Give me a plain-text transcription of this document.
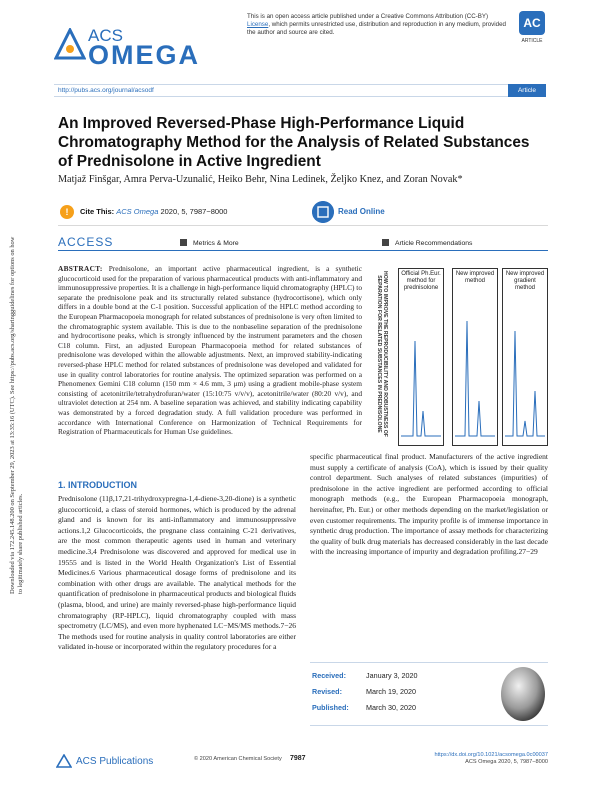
Downloaded via 172.245.148.200 on September 29, 2023 at 13:35:16 (UTC). See https://pubs.acs.org/sharingguidelines for options on how to legitimately share published articles.
ACS
OMEGA
This is an open access article published under a Creative Commons Attribution (CC-BY) License, which permits unrestricted use, distribution and reproduction in any medium, provided the author and source are cited.
AC
ARTICLE
http://pubs.acs.org/journal/acsodf	Article
An Improved Reversed-Phase High-Performance Liquid Chromatography Method for the Analysis of Related Substances of Prednisolone in Active Ingredient
Matjaž Finšgar, Amra Perva-Uzunalić, Heiko Behr, Nina Ledinek, Željko Knez, and Zoran Novak*
!	Cite This: ACS Omega 2020, 5, 7987−8000	Read Online
ACCESS	Metrics & More	Article Recommendations
HOW TO IMPROVE THE REPRODUCIBILITY AND ROBUSTNESS OF SEPARATION FOR RELATED SUBSTANCES IN PREDNISOLONE
Official Ph.Eur. method for prednisolone
New improved method
New improved gradient method
ABSTRACT: Prednisolone, an important active pharmaceutical ingredient, is a synthetic glucocorticoid used for the preparation of various pharmaceutical products with anti-inflammatory and immunosuppressive properties. It is a challenge in high-performance liquid chromatography (HPLC) to separate the prednisolone peak and its structurally related substance (hydrocortisone), which only differs in a double bond at the C-1 position. Successful application of the HPLC method according to the European Pharmacopoeia monograph for related substances of prednisolone is very often limited to the chromatographic system available. This is due to the nonbaseline separation of the prednisolone and hydrocortisone peaks, which is strongly influenced by the instrument parameters and the chosen C18 column. First, an adjusted European Pharmacopoeia method for related substances of prednisolone was developed within the allowable adjustments. Next, an improved stability-indicating reversed-phase HPLC method for related substances of prednisolone was developed and validated for use in quality control laboratories for routine analysis. The optimized separation was performed on a Phenomenex Gemini C18 column (150 mm × 4.6 mm, 3 μm) using a gradient mobile-phase system consisting of acetonitrile/tetrahydrofuran/water (15:10:75 v/v/v), acetonitrile/water (80:20 v/v), and ultraviolet detection at 254 nm. A baseline separation was achieved, and stability indicating capability was demonstrated by a forced degradation study. A full validation procedure was performed in accordance with International Conference on Harmonization of Technical Requirements for Registration of Pharmaceuticals for Human Use guidelines.
1. INTRODUCTION
Prednisolone (11β,17,21-trihydroxypregna-1,4-diene-3,20-dione) is a synthetic glucocorticoid, a class of steroid hormones, which is produced by the adrenal gland and is known for its anti-inflammatory and immunosuppressive actions.1,2 Glucocorticoids, the pregnane class containing C-21 derivatives, are the most common therapeutic agents used in human and veterinary medicine.3,4 Prednisolone was discovered and approved for medical use in 19555 and is listed in the World Health Organization's List of Essential Medicines.6 Various pharmaceutical dosage forms of prednisolone and its combination with other drugs are available. The analytical methods for the quantification of prednisolone in pharmaceutical products and biological fluids (plasma, blood, and urine) are mainly reversed-phase high-performance liquid chromatography (RP-HPLC), liquid chromatography coupled with mass spectrometry (LC/MS), and even more hyphenated LC−MS/MS methods.7−26 The methods used for routine analysis in quality control laboratories are either validated in-house or incorporated within the regulatory procedures for a
specific pharmaceutical final product. Manufacturers of the active ingredient must supply a certificate of analysis (CoA), which is issued by their quality control department. Such analyses of related substances (impurities) of prednisolone in the active ingredient are performed according to official monograph methods (e.g., the European Pharmacopoeia monograph, hereinafter, Ph. Eur.) or other methods depending on the market/legislation or even customer requirements. The impurity profile is of immense importance in synthetic drug production. The importance of assay methods for characterizing the quality of bulk drug materials has decreased considerably in the last decade with the increasing importance of impurity and degradation profiling.27−29
Received:	January 3, 2020
Revised:	March 19, 2020
Published: March 30, 2020
ACS Publications	© 2020 American Chemical Society 7987	https://dx.doi.org/10.1021/acsomega.0c00037
ACS Omega 2020, 5, 7987−8000
